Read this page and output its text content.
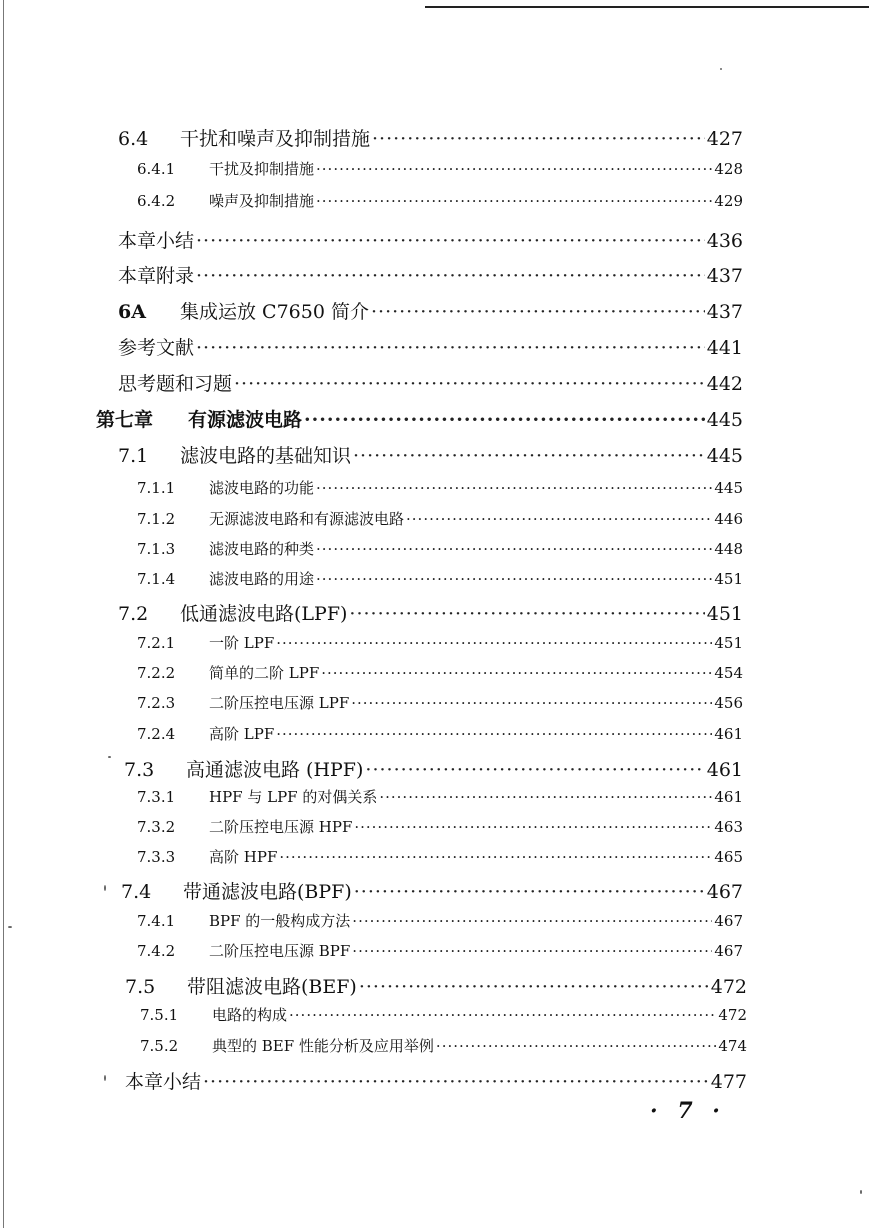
6.4	干扰和噪声及抑制措施 ·····	427
6.4.1	干扰及抑制措施 ·····	428
6.4.2	噪声及抑制措施 ·····	429
本章小结 ·····	436
本章附录 ·····	437
6A	集成运放 C7650 简介 ·····	437
参考文献 ·····	441
思考题和习题 ·····	442
第七章	有源滤波电路 ·····	445
7.1	滤波电路的基础知识 ·····	445
7.1.1	滤波电路的功能 ·····	445
7.1.2	无源滤波电路和有源滤波电路 ·····	446
7.1.3	滤波电路的种类 ·····	448
7.1.4	滤波电路的用途 ·····	451
7.2	低通滤波电路(LPF) ·····	451
7.2.1	一阶 LPF ·····	451
7.2.2	简单的二阶 LPF ·····	454
7.2.3	二阶压控电压源 LPF ·····	456
7.2.4	高阶 LPF ·····	461
7.3	高通滤波电路 (HPF) ·····	461
7.3.1	HPF 与 LPF 的对偶关系 ·····	461
7.3.2	二阶压控电压源 HPF ·····	463
7.3.3	高阶 HPF ·····	465
7.4	带通滤波电路(BPF) ·····	467
7.4.1	BPF 的一般构成方法 ·····	467
7.4.2	二阶压控电压源 BPF ·····	467
7.5	带阻滤波电路(BEF) ·····	472
7.5.1	电路的构成 ·····	472
7.5.2	典型的 BEF 性能分析及应用举例 ·····	474
本章小结 ·····	477
· 7 ·
